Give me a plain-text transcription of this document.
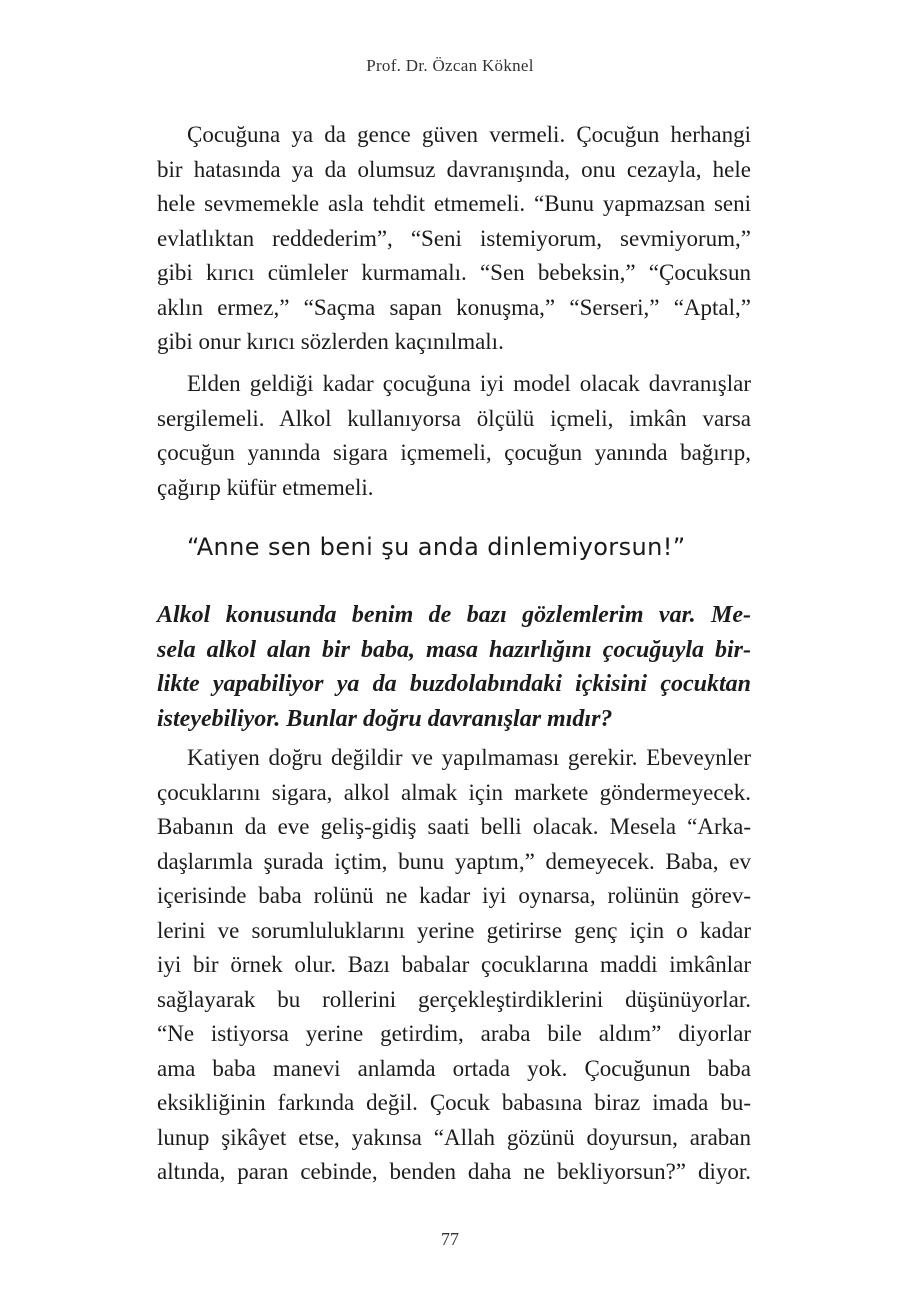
Prof. Dr. Özcan Köknel
Çocuğuna ya da gence güven vermeli. Çocuğun herhangi
bir hatasında ya da olumsuz davranışında, onu cezayla, hele
hele sevmemekle asla tehdit etmemeli. “Bunu yapmazsan seni
evlatlıktan reddederim”, “Seni istemiyorum, sevmiyorum,”
gibi kırıcı cümleler kurmamalı. “Sen bebeksin,” “Çocuksun
aklın ermez,” “Saçma sapan konuşma,” “Serseri,” “Aptal,”
gibi onur kırıcı sözlerden kaçınılmalı.
Elden geldiği kadar çocuğuna iyi model olacak davranışlar
sergilemeli. Alkol kullanıyorsa ölçülü içmeli, imkân varsa
çocuğun yanında sigara içmemeli, çocuğun yanında bağırıp,
çağırıp küfür etmemeli.
“Anne sen beni şu anda dinlemiyorsun!”
Alkol konusunda benim de bazı gözlemlerim var. Me-
sela alkol alan bir baba, masa hazırlığını çocuğuyla bir-
likte yapabiliyor ya da buzdolabındaki içkisini çocuktan
isteyebiliyor. Bunlar doğru davranışlar mıdır?
Katiyen doğru değildir ve yapılmaması gerekir. Ebeveynler
çocuklarını sigara, alkol almak için markete göndermeyecek.
Babanın da eve geliş-gidiş saati belli olacak. Mesela “Arka-
daşlarımla şurada içtim, bunu yaptım,” demeyecek. Baba, ev
içerisinde baba rolünü ne kadar iyi oynarsa, rolünün görev-
lerini ve sorumluluklarını yerine getirirse genç için o kadar
iyi bir örnek olur. Bazı babalar çocuklarına maddi imkânlar
sağlayarak bu rollerini gerçekleştirdiklerini düşünüyorlar.
“Ne istiyorsa yerine getirdim, araba bile aldım” diyorlar
ama baba manevi anlamda ortada yok. Çocuğunun baba
eksikliğinin farkında değil. Çocuk babasına biraz imada bu-
lunup şikâyet etse, yakınsa “Allah gözünü doyursun, araban
altında, paran cebinde, benden daha ne bekliyorsun?” diyor.
77
